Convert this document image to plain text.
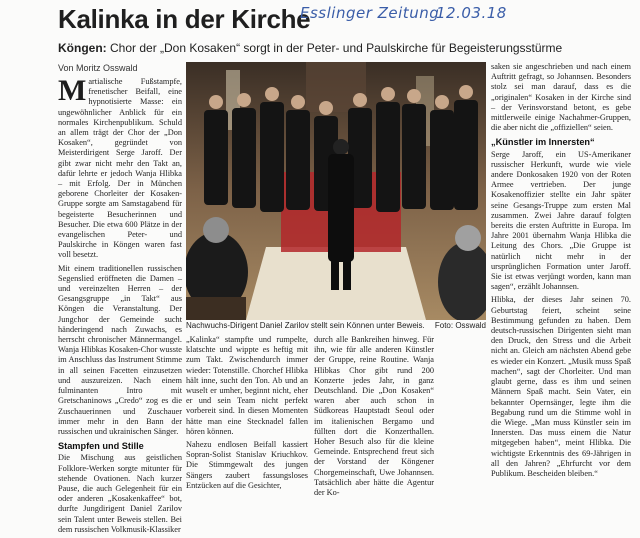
Kalinka in der Kirche
Esslinger Zeitung
12.03.18
Köngen: Chor der „Don Kosaken“ sorgt in der Peter- und Paulskirche für Begeisterungsstürme
Von Moritz Osswald

Martialische Fußstampfe, frenetischer Beifall, eine hypnotisierte Masse: ein ungewöhnlicher Anblick für ein normales Kirchenpublikum. Schuld an allem trägt der Chor der „Don Kosaken“, gegründet von Meisterdirigent Serge Jaroff. Der gibt zwar nicht mehr den Takt an, dafür lehrte er jedoch Wanja Hlibka – mit Erfolg. Der in München geborene Chorleiter der Kosaken-Gruppe sorgte am Samstagabend für begeisterte Besucherinnen und Besucher. Die etwa 600 Plätze in der evangelischen Peter- und Paulskirche in Köngen waren fast voll besetzt.

Mit einem traditionellen russischen Segenslied eröffneten die Damen – und vereinzelten Herren – der Gesangsgruppe „in Takt“ aus Köngen die Veranstaltung. Der Jungchor der Gemeinde sucht händeringend nach Zuwachs, es herrscht chronischer Männermangel. Wanja Hlibkas Kosaken-Chor wusste im Anschluss das Instrument Stimme in all seinen Facetten einzusetzen und auszureizen. Nach einem fulminanten Intro mit Gretschaninows „Credo“ zog es die Zuschauerinnen und Zuschauer immer mehr in den Bann der russischen und ukrainischen Sänger.

Stampfen und Stille

Die Mischung aus geistlichen Folklore-Werken sorgte mitunter für stehende Ovationen. Nach kurzer Pause, die auch Gelegenheit für ein oder anderen „Kosakenkaffee“ bot, durfte Jungdirigent Daniel Zarilov sein Talent unter Beweis stellen. Bei dem russischen Volkmusik-Klassiker

Nachwuchs-Dirigent Daniel Zarilov stellt sein Können unter Beweis. Foto: Osswald

„Kalinka“ stampfte und rumpelte, klatschte und wippte es heftig mit zum Takt. Zwischendurch immer wieder: Totenstille. Chorchef Hlibka hält inne, sucht den Ton. Ab und an wuselt er umher, beginnt nicht, eher er und sein Team nicht perfekt vorbereit sind. In diesen Momenten hätte man eine Stecknadel fallen hören können.

Nahezu endlosen Beifall kassiert Sopran-Solist Stanislav Kriuchkov. Die Stimmgewalt des jungen Sängers zaubert fassungsloses Entzücken auf die Gesichter,

durch alle Bankreihen hinweg. Für ihn, wie für alle anderen Künstler der Gruppe, reine Routine. Wanja Hlibkas Chor gibt rund 200 Konzerte jedes Jahr, in ganz Deutschland. Die „Don Kosaken“ waren aber auch schon in Südkoreas Hauptstadt Seoul oder im italienischen Bergamo und füllten dort die Konzerthallen. Hoher Besuch also für die kleine Gemeinde. Entsprechend freut sich der Vorstand der Köngener Chorgemeinschaft, Uwe Johannsen. Tatsächlich aber hätte die Agentur der Ko-

saken sie angeschrieben und nach einem Auftritt gefragt, so Johannsen. Besonders stolz sei man darauf, dass es die „originalen“ Kosaken in der Kirche sind – der Verinsvorstand betont, es gebe mittlerweile einige Nachahmer-Gruppen, die aber nicht die „offiziellen“ seien.

„Künstler im Innersten“

Serge Jaroff, ein US-Amerikaner russischer Herkunft, wurde wie viele andere Donkosaken 1920 von der Roten Armee vertrieben. Der junge Kosakenoffizier stellte ein Jahr später seine Gesangs-Truppe zum ersten Mal zusammen. Zwei Jahre darauf folgten bereits die ersten Auftritte in Europa. Im Jahre 2001 übernahm Wanja Hlibka die Leitung des Chors. „Die Gruppe ist natürlich nicht mehr in der ursprünglichen Formation unter Jaroff. Sie ist etwas verjüngt worden, kann man sagen“, erzählt Johannsen.

Hlibka, der dieses Jahr seinen 70. Geburtstag feiert, scheint seine Bestimmung gefunden zu haben. Dem deutsch-russischen Dirigenten sieht man den Druck, den Stress und die Arbeit nicht an. Gleich am nächsten Abend gebe es wieder ein Konzert. „Musik muss Spaß machen“, sagt der Chorleiter. Und man glaubt gerne, dass es ihm und seinen Männern Spaß macht. Sein Vater, ein bekannter Opernsänger, legte ihm die Begabung rund um die Stimme wohl in die Wiege. „Man muss Künstler sein im Innersten. Das muss einem die Natur mitgegeben haben“, meint Hlibka. Die wichtigste Erkenntnis des 69-Jährigen in all den Jahren? „Ehrfurcht vor dem Publikum. Bescheiden bleiben.“
